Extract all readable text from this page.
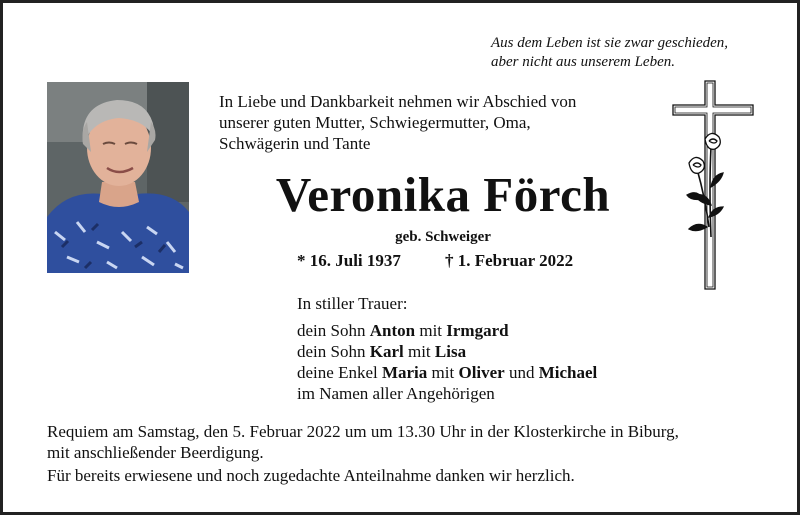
Aus dem Leben ist sie zwar geschieden,
aber nicht aus unserem Leben.
In Liebe und Dankbarkeit nehmen wir Abschied von
unserer guten Mutter, Schwiegermutter, Oma,
Schwägerin und Tante
Veronika Förch
geb. Schweiger
* 16. Juli 1937	† 1. Februar 2022
In stiller Trauer:
dein Sohn Anton mit Irmgard
dein Sohn Karl mit Lisa
deine Enkel Maria mit Oliver und Michael
im Namen aller Angehörigen
Requiem am Samstag, den 5. Februar 2022 um um 13.30 Uhr in der Klosterkirche in Biburg,
mit anschließender Beerdigung.
Für bereits erwiesene und noch zugedachte Anteilnahme danken wir herzlich.
